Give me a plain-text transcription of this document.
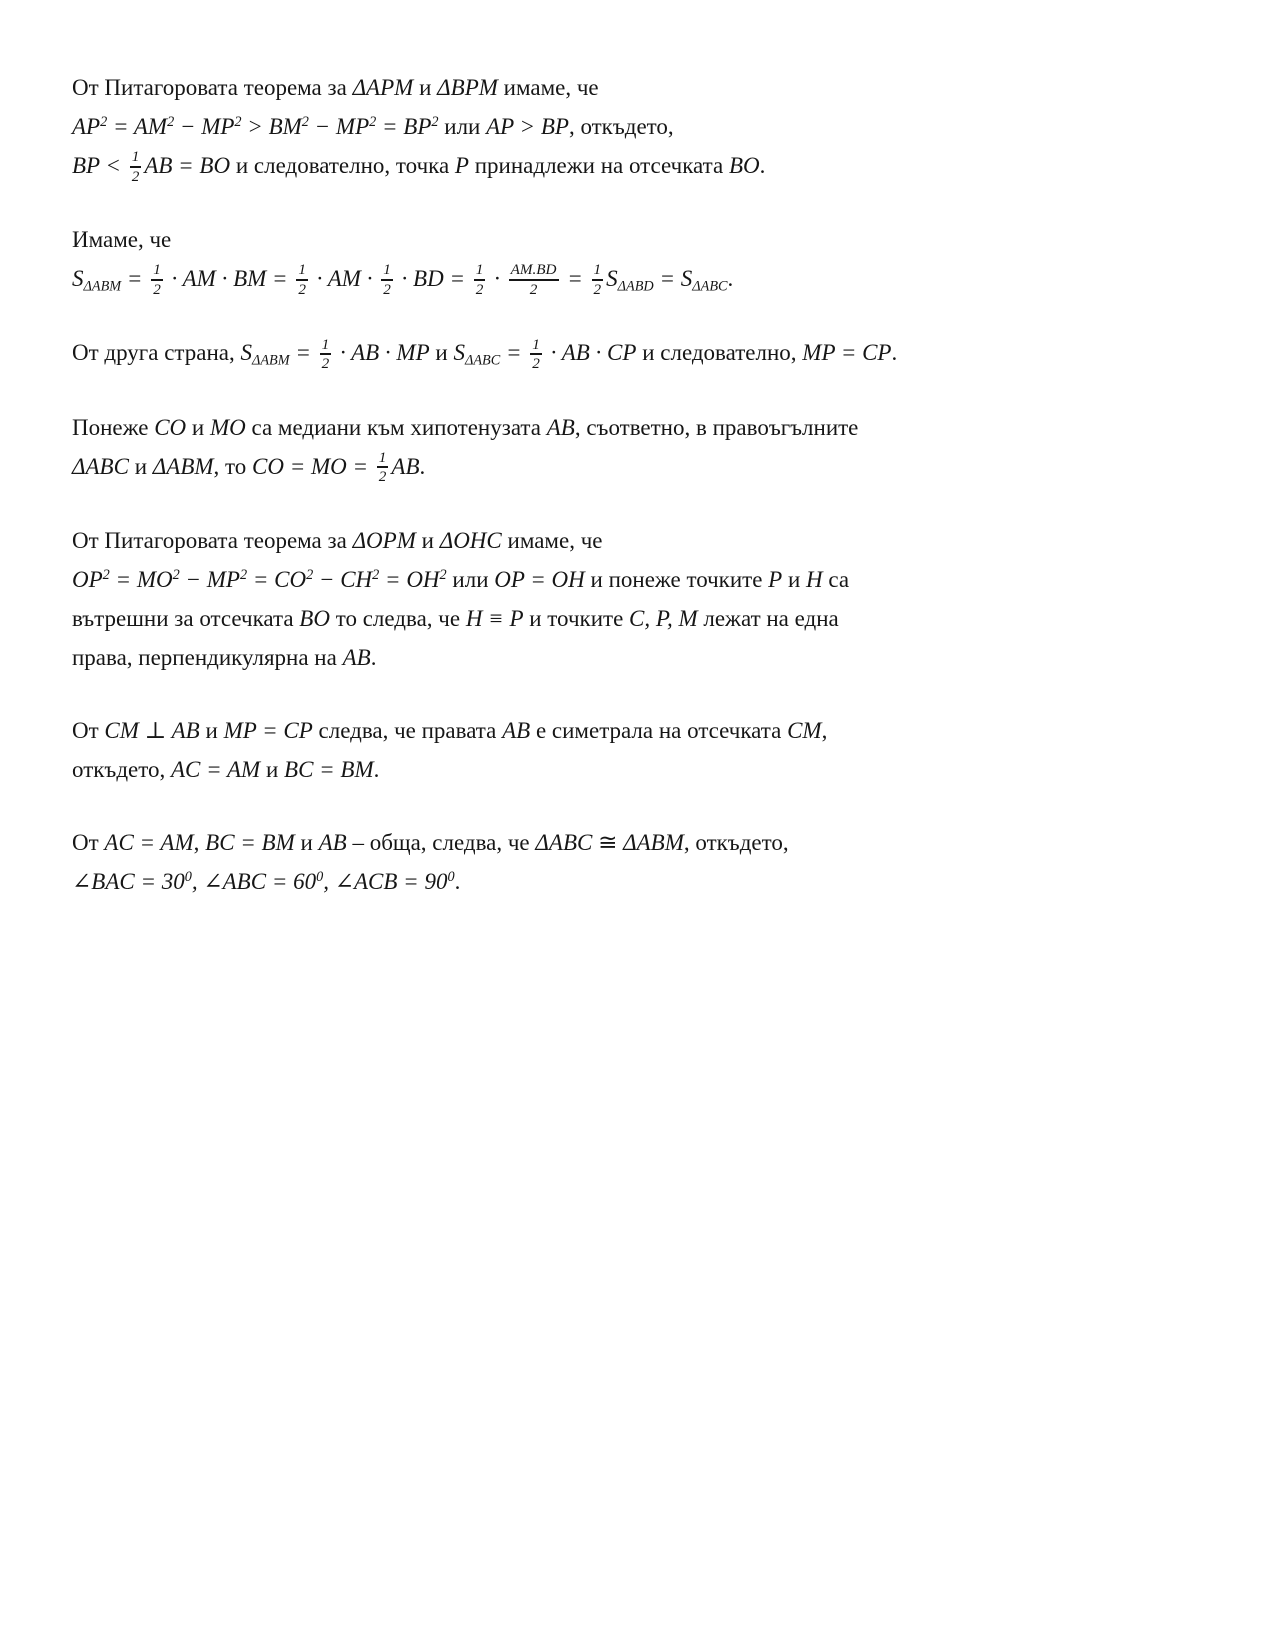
От Питагоровата теорема за ΔAPM и ΔBPM имаме, че
$AP^2 = AM^2 - MP^2 > BM^2 - MP^2 = BP^2$ или AP > BP, откъдето,
BP < $\frac{1}{2}$ AB = BO и следователно, точка P принадлежи на отсечката BO.
Имаме, че
$S\Delta ABM = \frac{1}{2}$ · AM · BM = $\frac{1}{2}$ · AM · $\frac{1}{2}$ · BD = $\frac{1}{2} \cdot \frac{AM.BD}{2} = \frac{1}{2}$ SΔABD = SΔABC.
От друга страна, $S\Delta ABM = \frac{1}{2}$ · AB · MP и $S\Delta ABC = \frac{1}{2}$ · AB · CP и следователно, MP = CP.
Понеже CO и MO са медиани към хипотенузата AB, съответно, в правоъгълните
ΔABC и ΔABM, то CO = MO = $\frac{1}{2}$ AB.
От Питагоровата теорема за ΔOPM и ΔOHC имаме, че
$OP^2 = MO^2 - MP^2 = CO^2 - CH^2 = OH^2$ или OP = OH и понеже точките P и H са
вътрешни за отсечката BO то следва, че H ≡ P и точките C, P, M лежат на една
права, перпендикулярна на AB.
От CM ⊥ AB и MP = CP следва, че правата AB е симетрала на отсечката CM,
откъдето, AC = AM и BC = BM.
От AC = AM, BC = BM и AB – обща, следва, че ΔABC ≅ ΔABM, откъдето,
∠BAC = $30^0$, ∠ABC = $60^0$, ∠ACB = $90^0$.
